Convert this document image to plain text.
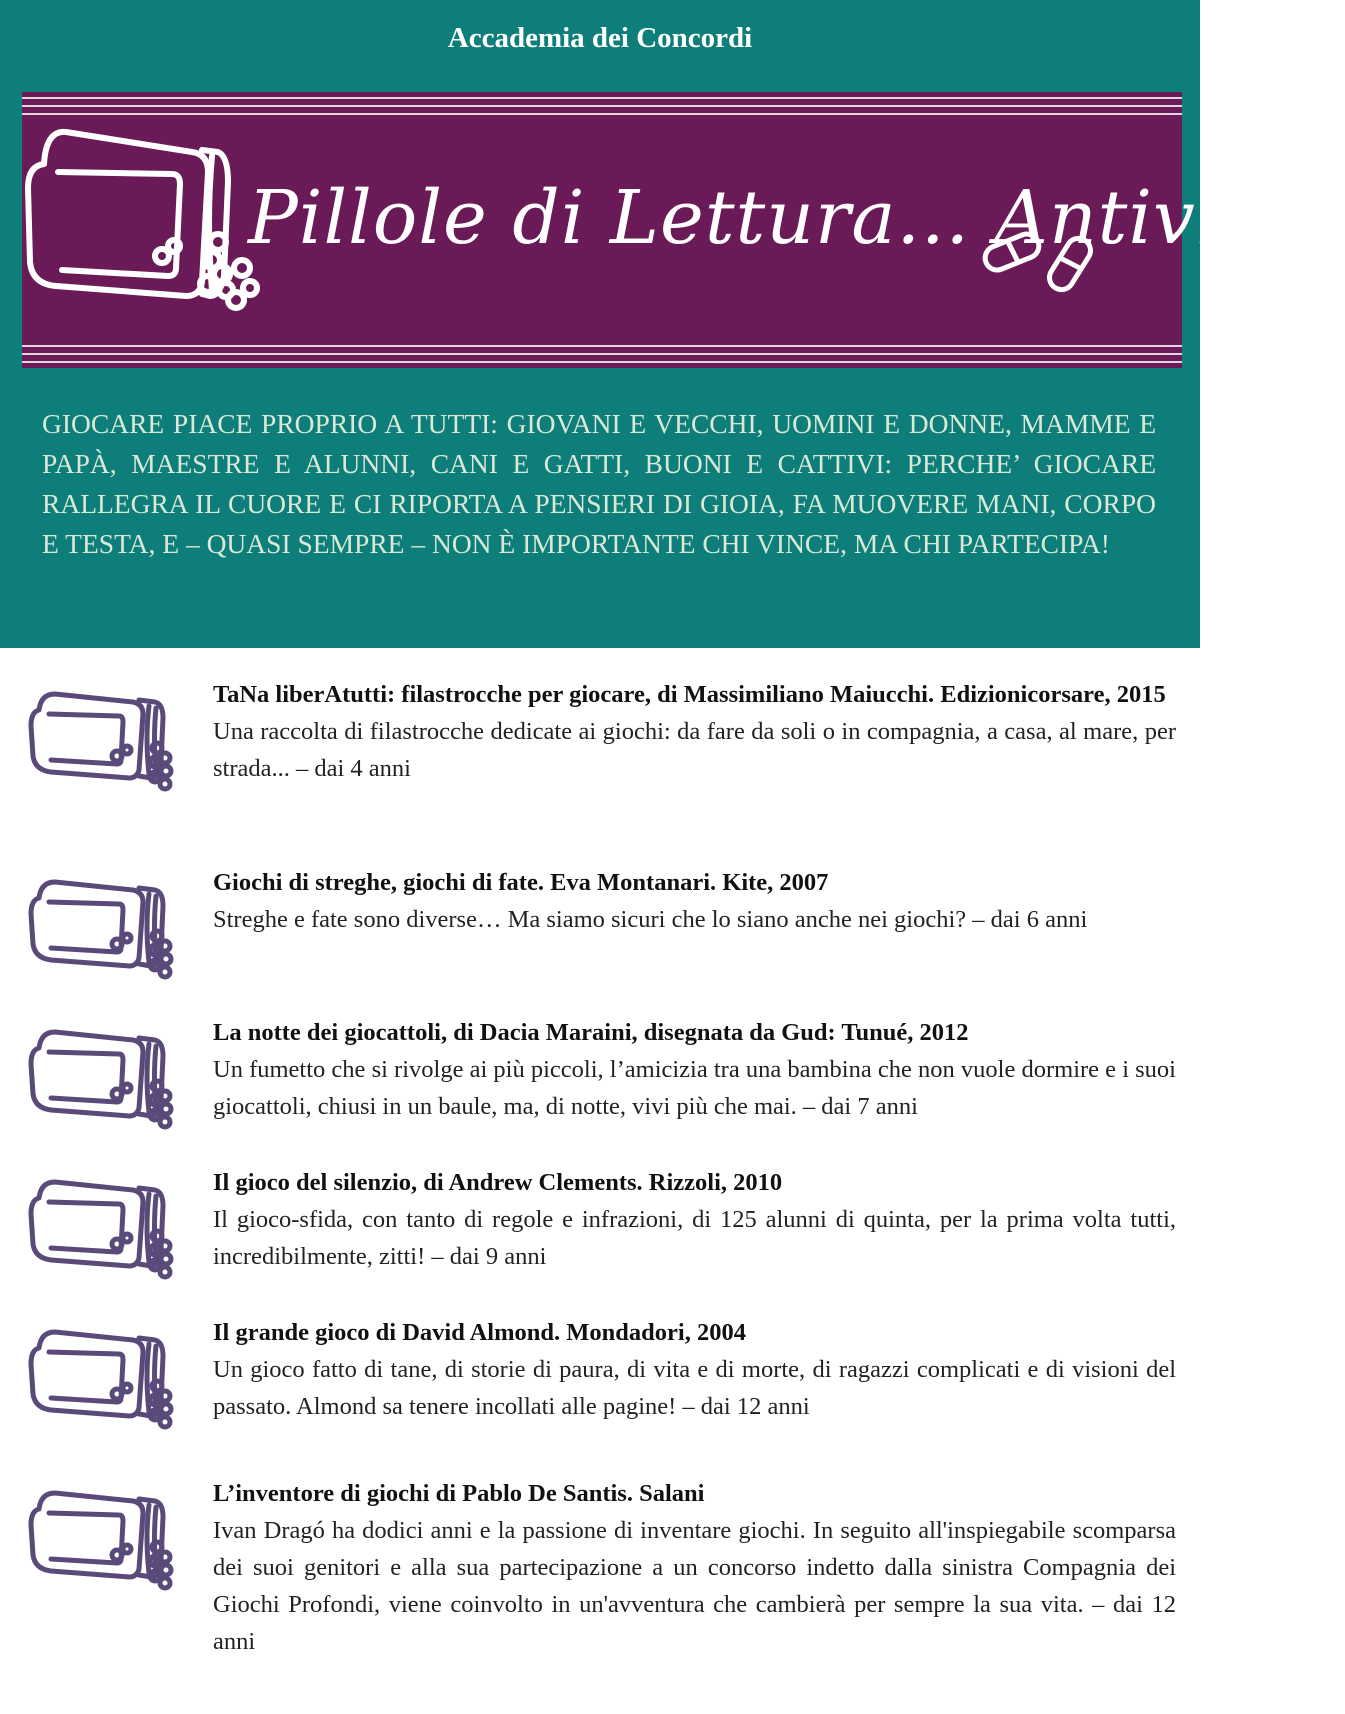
Accademia dei Concordi
Pillole di Lettura... Antivirus
GIOCARE PIACE PROPRIO A TUTTI: GIOVANI E VECCHI, UOMINI E DONNE, MAMME E PAPÀ, MAESTRE E ALUNNI, CANI E GATTI, BUONI E CATTIVI: PERCHE’ GIOCARE RALLEGRA IL CUORE E CI RIPORTA A PENSIERI DI GIOIA, FA MUOVERE MANI, CORPO E TESTA, E – QUASI SEMPRE – NON È IMPORTANTE CHI VINCE, MA CHI PARTECIPA!
TaNa liberAtutti: filastrocche per giocare, di Massimiliano Maiucchi. Edizionicorsare, 2015
Una raccolta di filastrocche dedicate ai giochi: da fare da soli o in compagnia, a casa, al mare, per strada... – dai 4 anni
Giochi di streghe, giochi di fate. Eva Montanari. Kite, 2007
Streghe e fate sono diverse… Ma siamo sicuri che lo siano anche nei giochi? – dai 6 anni
La notte dei giocattoli, di Dacia Maraini, disegnata da Gud: Tunué, 2012
Un fumetto che si rivolge ai più piccoli, l’amicizia tra una bambina che non vuole dormire e i suoi giocattoli, chiusi in un baule, ma, di notte, vivi più che mai. – dai 7 anni
Il gioco del silenzio, di Andrew Clements. Rizzoli, 2010
Il gioco-sfida, con tanto di regole e infrazioni, di 125 alunni di quinta, per la prima volta tutti, incredibilmente, zitti! – dai 9 anni
Il grande gioco di David Almond. Mondadori, 2004
Un gioco fatto di tane, di storie di paura, di vita e di morte, di ragazzi complicati e di visioni del passato. Almond sa tenere incollati alle pagine! – dai 12 anni
L’inventore di giochi di Pablo De Santis. Salani
Ivan Dragó ha dodici anni e la passione di inventare giochi. In seguito all'inspiegabile scomparsa dei suoi genitori e alla sua partecipazione a un concorso indetto dalla sinistra Compagnia dei Giochi Profondi, viene coinvolto in un'avventura che cambierà per sempre la sua vita. – dai 12 anni
